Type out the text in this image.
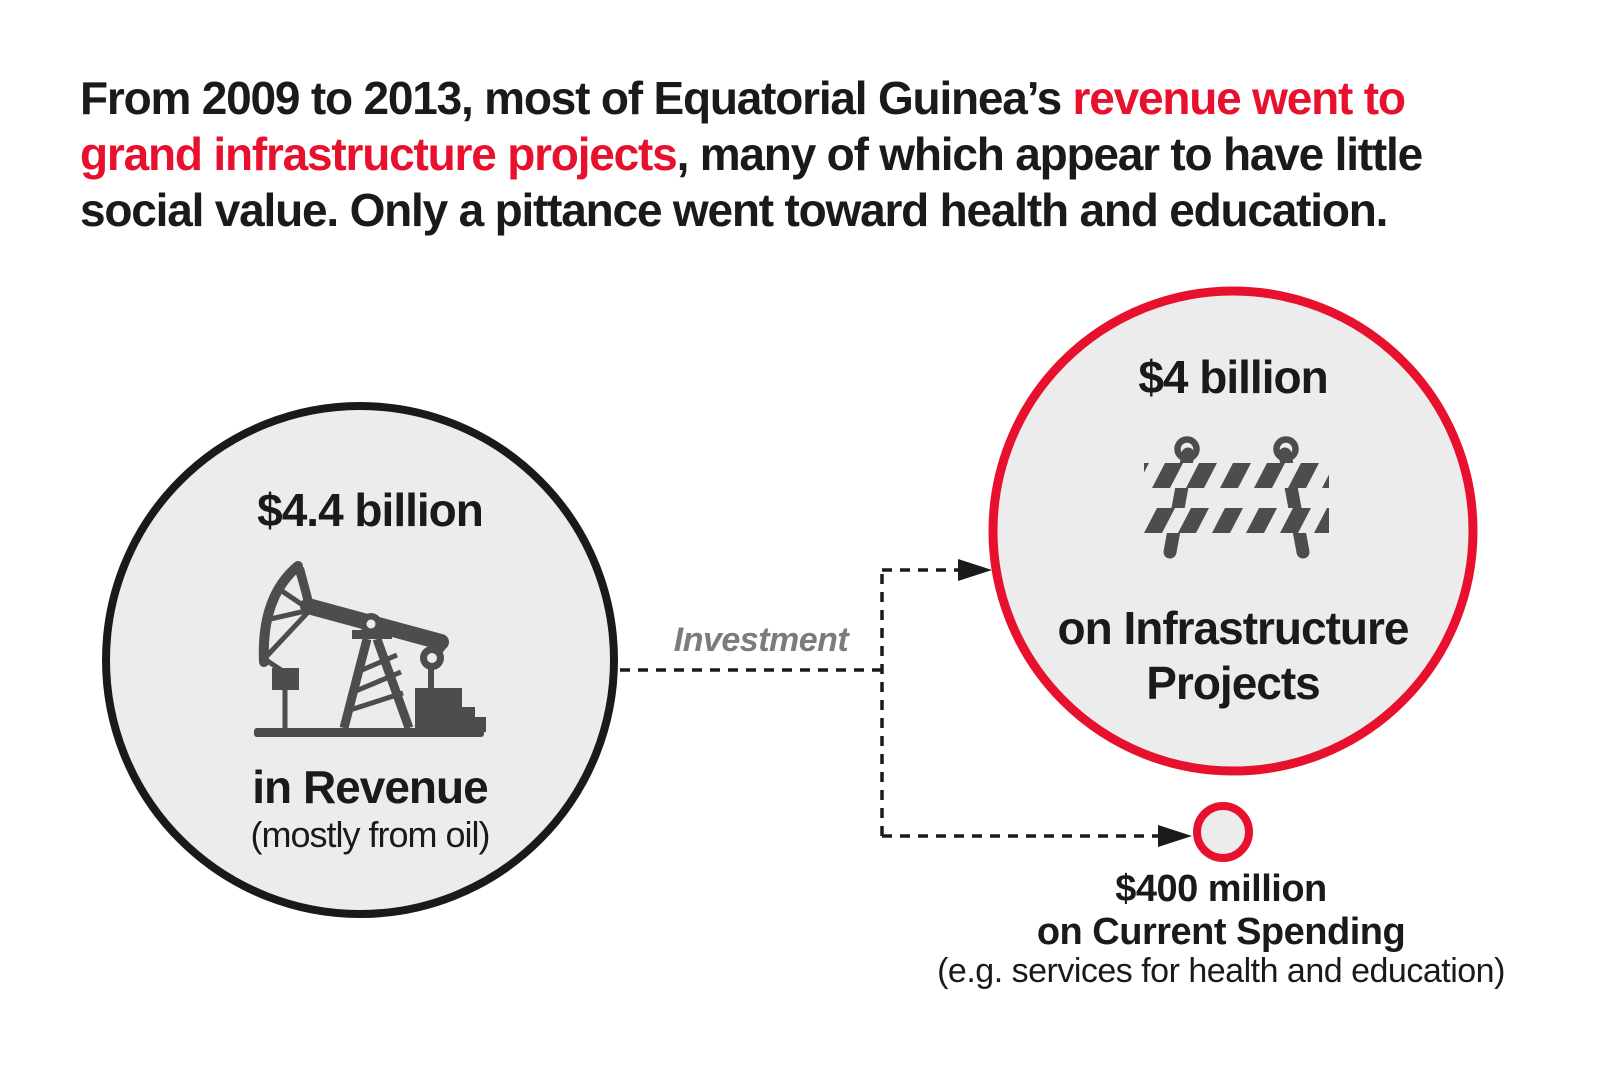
From 2009 to 2013, most of Equatorial Guinea’s revenue went to
grand infrastructure projects, many of which appear to have little
social value. Only a pittance went toward health and education.
$4.4 billion
in Revenue
(mostly from oil)
Investment
$4 billion
on Infrastructure
Projects
$400 million
on Current Spending
(e.g. services for health and education)
